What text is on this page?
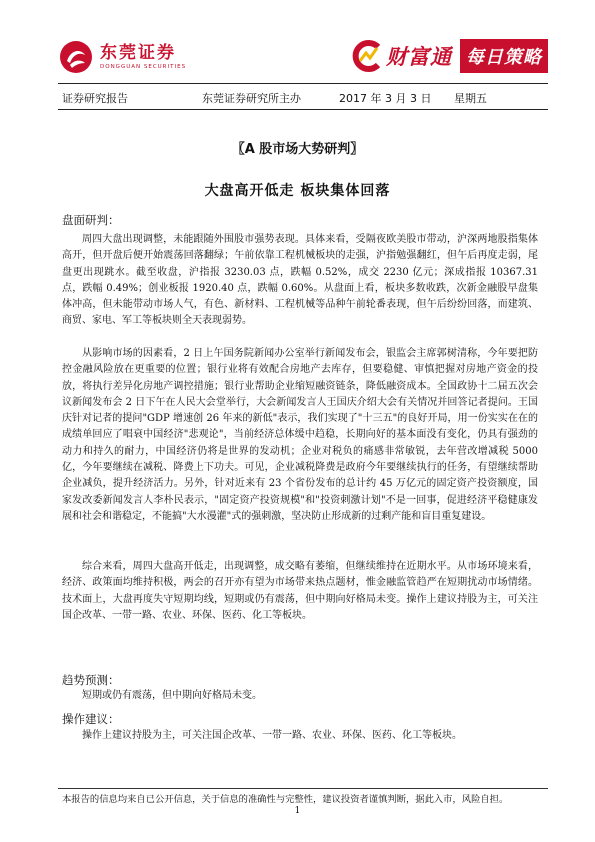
东莞证券
DONGGUAN SECURITIES	财富通 每日策略
证券研究报告	东莞证券研究所主办	2017 年 3 月 3 日 星期五
〖A 股市场大势研判〗
大盘高开低走 板块集体回落
盘面研判：
周四大盘出现调整，未能跟随外围股市强势表现。具体来看，受隔夜欧美股市带动，沪深两地股指集体高开，但开盘后便开始震荡回落翻绿；午前依靠工程机械板块的走强，沪指勉强翻红，但午后再度走弱，尾盘更出现跳水。截至收盘，沪指报 3230.03 点，跌幅 0.52%，成交 2230 亿元；深成指报 10367.31 点，跌幅 0.49%；创业板报 1920.40 点，跌幅 0.60%。从盘面上看，板块多数收跌，次新金融股早盘集体冲高，但未能带动市场人气，有色、新材料、工程机械等品种午前轮番表现，但午后纷纷回落，而建筑、商贸、家电、军工等板块则全天表现弱势。
从影响市场的因素看，2 日上午国务院新闻办公室举行新闻发布会，银监会主席郭树清称，今年要把防控金融风险放在更重要的位置；银行业将有效配合房地产去库存，但要稳健、审慎把握对房地产资金的投放，将执行差异化房地产调控措施；银行业帮助企业缩短融资链条，降低融资成本。全国政协十二届五次会议新闻发布会 2 日下午在人民大会堂举行，大会新闻发言人王国庆介绍大会有关情况并回答记者提问。王国庆针对记者的提问"GDP 增速创 26 年来的新低"表示，我们实现了"十三五"的良好开局，用一份实实在在的成绩单回应了唱衰中国经济"悲观论"，当前经济总体缓中趋稳，长期向好的基本面没有变化，仍具有强劲的动力和持久的耐力，中国经济仍将是世界的发动机；企业对税负的痛感非常敏锐，去年营改增减税 5000 亿，今年要继续在减税、降费上下功夫。可见，企业减税降费是政府今年要继续执行的任务，有望继续帮助企业减负，提升经济活力。另外，针对近来有 23 个省份发布的总计约 45 万亿元的固定资产投资额度，国家发改委新闻发言人李朴民表示，"固定资产投资规模"和"投资刺激计划"不是一回事，促进经济平稳健康发展和社会和谐稳定，不能搞"大水漫灌"式的强刺激，坚决防止形成新的过剩产能和盲目重复建设。
综合来看，周四大盘高开低走，出现调整，成交略有萎缩，但继续维持在近期水平。从市场环境来看，经济、政策面均维持积极，两会的召开亦有望为市场带来热点题材，惟金融监管趋严在短期扰动市场情绪。技术面上，大盘再度失守短期均线，短期或仍有震荡，但中期向好格局未变。操作上建议持股为主，可关注国企改革、一带一路、农业、环保、医药、化工等板块。
趋势预测：
短期或仍有震荡，但中期向好格局未变。
操作建议：
操作上建议持股为主，可关注国企改革、一带一路、农业、环保、医药、化工等板块。
本报告的信息均来自已公开信息，关于信息的准确性与完整性，建议投资者谨慎判断，据此入市，风险自担。
1
